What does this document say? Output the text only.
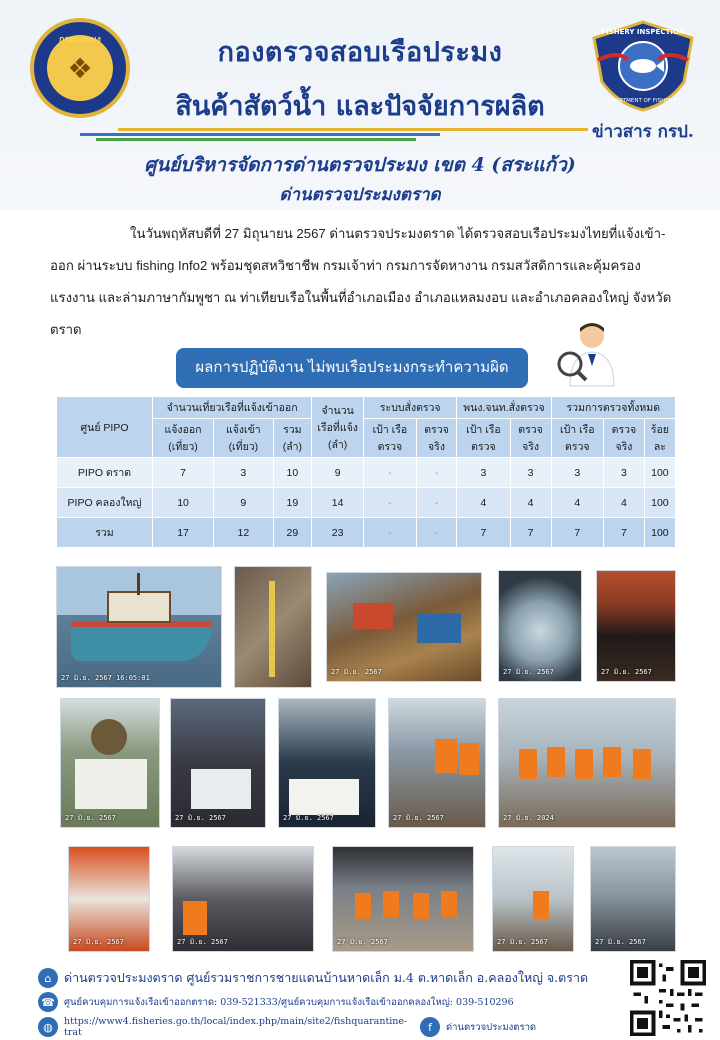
กรมประมง
❖	กองตรวจสอบเรือประมง
สินค้าสัตว์น้ำ และปัจจัยการผลิต
FISHERY INSPECTION
DEPARTMENT OF FISHERIES
ข่าวสาร กรป.
ศูนย์บริหารจัดการด่านตรวจประมง เขต 4 (สระแก้ว)
ด่านตรวจประมงตราด
ในวันพฤหัสบดีที่ 27 มิถุนายน 2567 ด่านตรวจประมงตราด ได้ตรวจสอบเรือประมงไทยที่แจ้งเข้า-ออก ผ่านระบบ fishing Info2 พร้อมชุดสหวิชาชีพ กรมเจ้าท่า กรมการจัดหางาน กรมสวัสดิการและคุ้มครองแรงงาน และล่ามภาษากัมพูชา ณ ท่าเทียบเรือในพื้นที่อำเภอเมือง อำเภอแหลมงอบ และอำเภอคลองใหญ่ จังหวัดตราด
ผลการปฏิบัติงาน ไม่พบเรือประมงกระทำความผิด
ศูนย์ PIPO	จำนวนเที่ยวเรือที่แจ้งเข้าออก			จำนวนเรือที่แจ้ง (ลำ)	ระบบสั่งตรวจ		พนง.จนท.สั่งตรวจ		รวมการตรวจทั้งหมด		
	แจ้งออก (เที่ยว)	แจ้งเข้า (เที่ยว)	รวม (ลำ)		เป้า เรือตรวจ	ตรวจจริง	เป้า เรือตรวจ	ตรวจจริง	เป้า เรือตรวจ	ตรวจจริง	ร้อยละ
PIPO ตราด	7	3	10	9	-	-	3	3	3	3	100
PIPO คลองใหญ่	10	9	19	14	-	-	4	4	4	4	100
รวม	17	12	29	23	-	-	7	7	7	7	100
27 มิ.ย. 2567 16:05:01
27 มิ.ย. 2567	27 มิ.ย. 2567	27 มิ.ย. 2567
27 มิ.ย. 2567	27 มิ.ย. 2567	27 มิ.ย. 2567	27 มิ.ย. 2567	27 มิ.ย. 2024
27 มิ.ย. 2567	27 มิ.ย. 2567	27 มิ.ย. 2567	27 มิ.ย. 2567	27 มิ.ย. 2567
⌂	ด่านตรวจประมงตราด ศูนย์รวมราชการชายแดนบ้านหาดเล็ก ม.4 ต.หาดเล็ก อ.คลองใหญ่ จ.ตราด
☎ ศูนย์ควบคุมการแจ้งเรือเข้าออกตราด: 039-521333/ศูนย์ควบคุมการแจ้งเรือเข้าออกคลองใหญ่: 039-510296
◍	https://www4.fisheries.go.th/local/index.php/main/site2/fishquarantine-trat	f	ด่านตรวจประมงตราด
